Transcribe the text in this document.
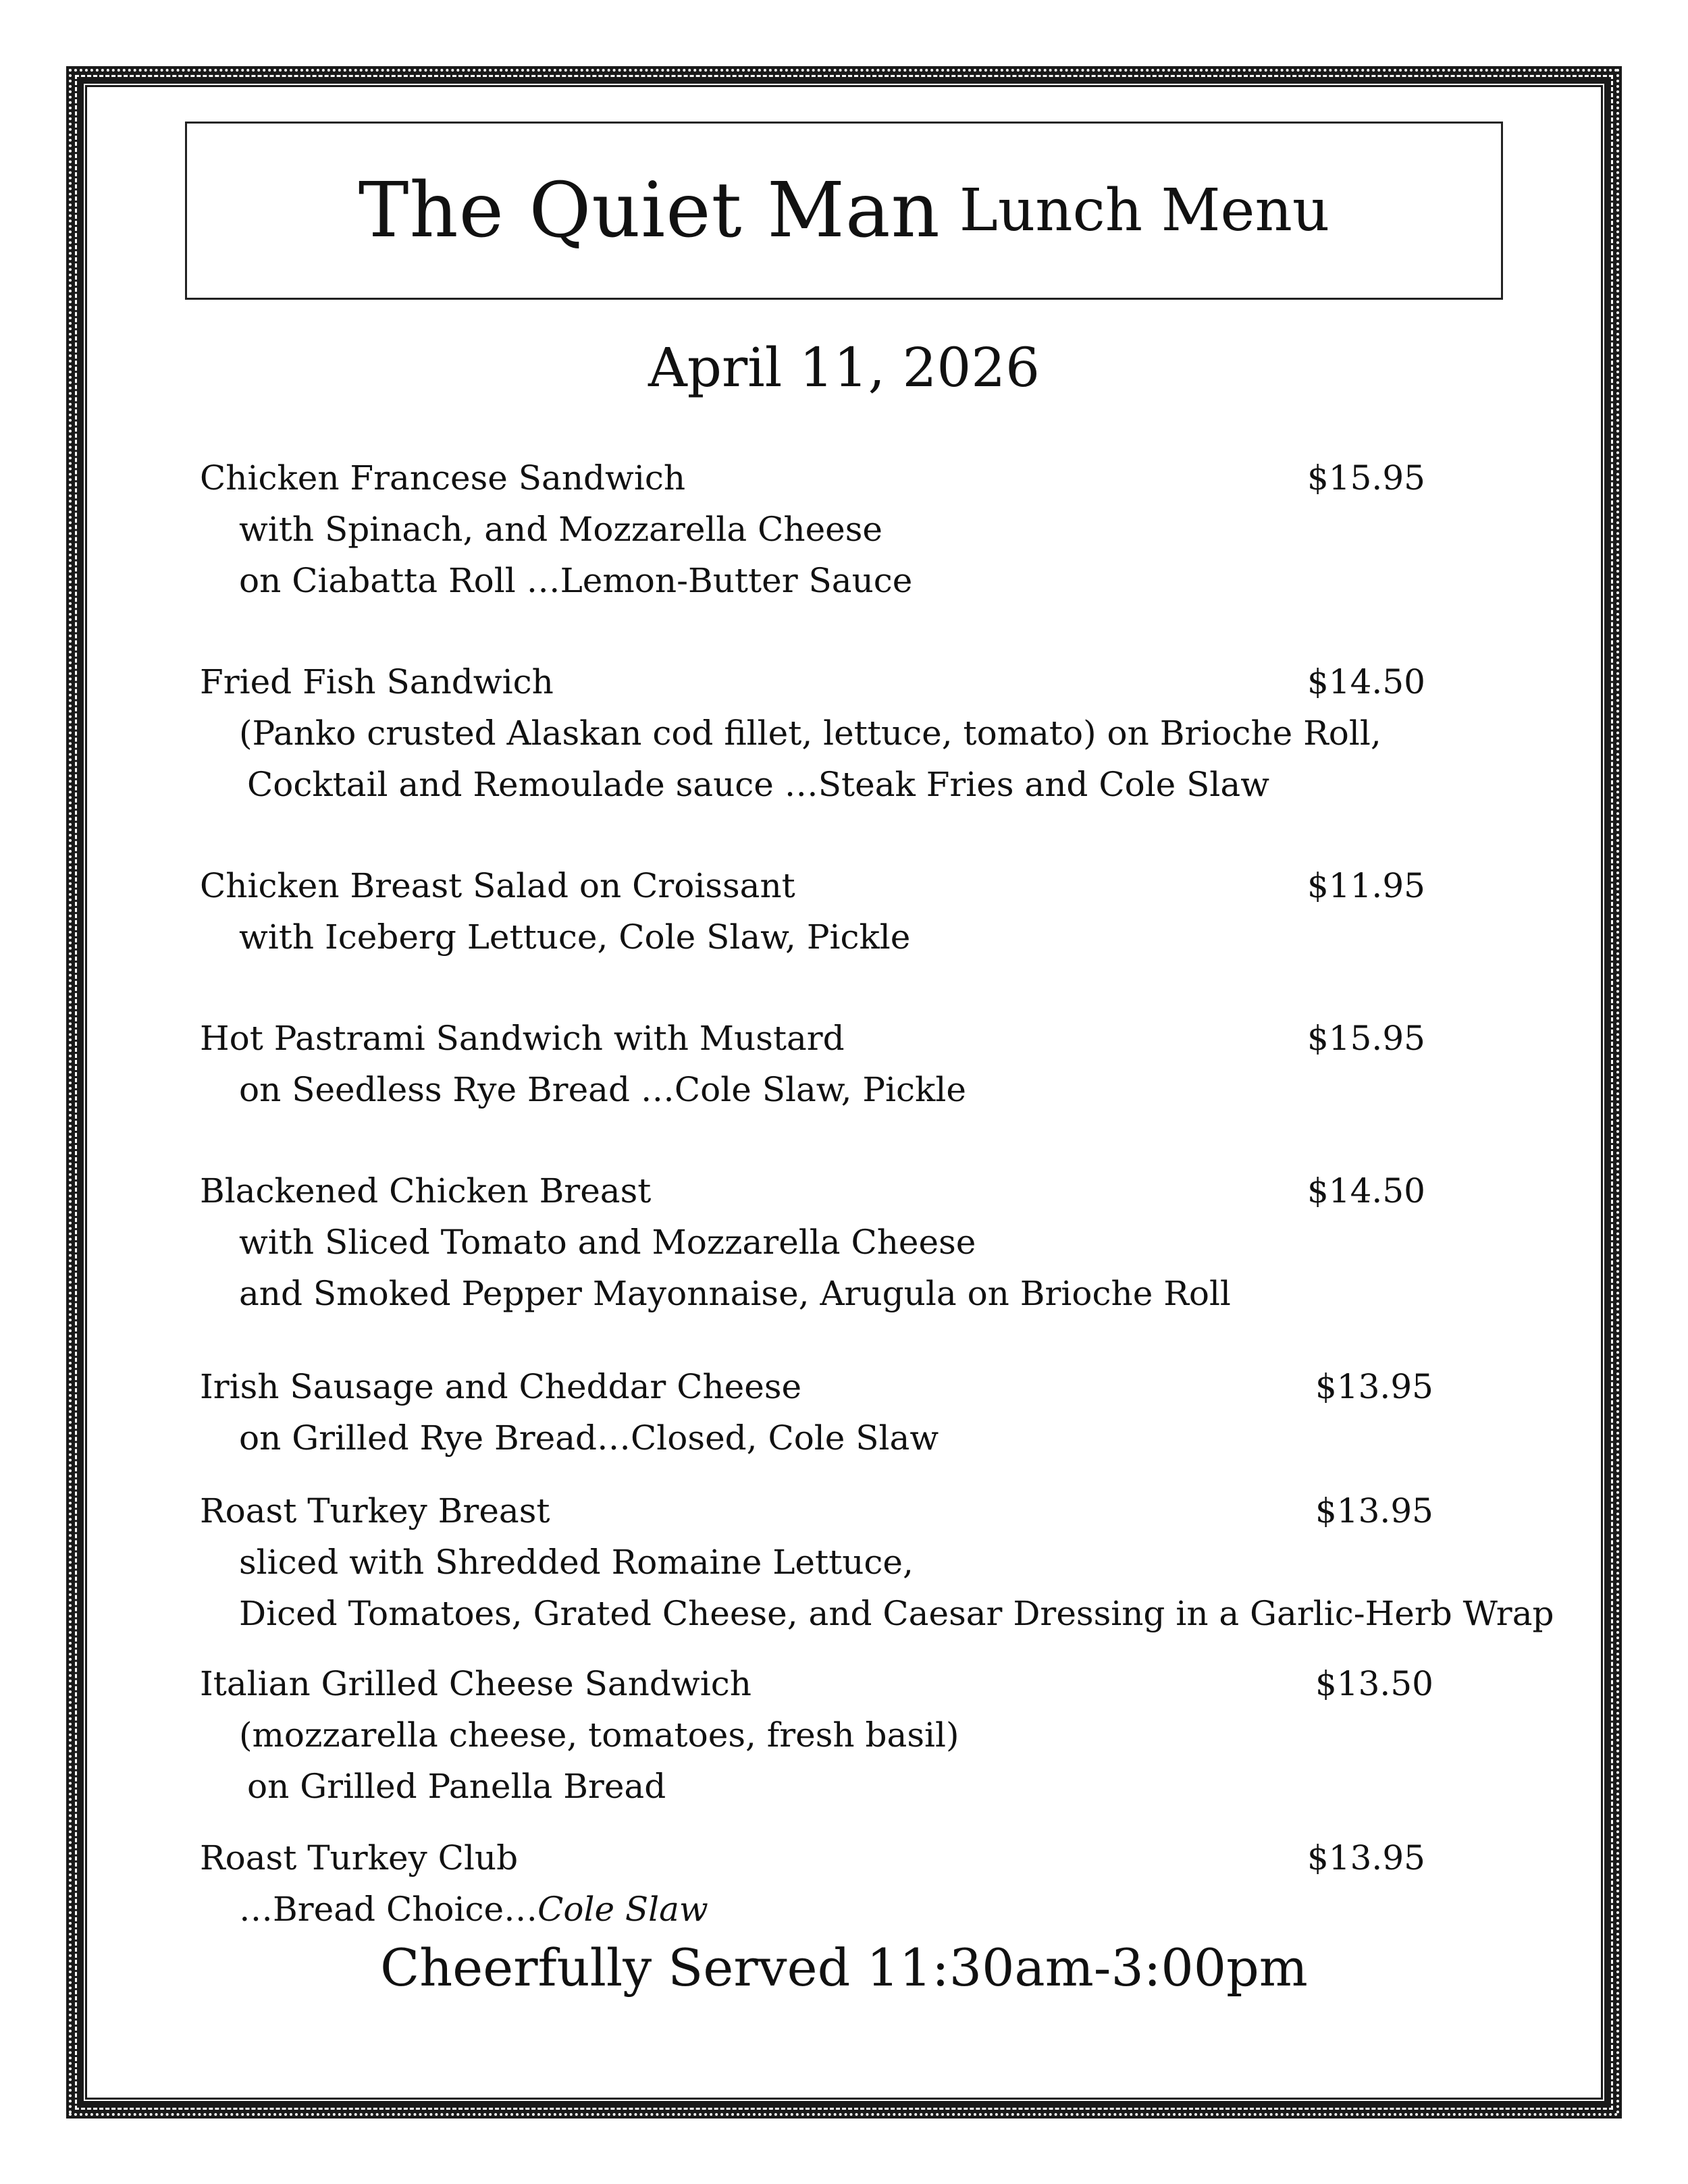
The Quiet Man Lunch Menu
April 11, 2026
Chicken Francese Sandwich
with Spinach, and Mozzarella Cheese
on Ciabatta Roll …Lemon-Butter Sauce
$15.95
Fried Fish Sandwich
(Panko crusted Alaskan cod fillet, lettuce, tomato) on Brioche Roll,
Cocktail and Remoulade sauce …Steak Fries and Cole Slaw
$14.50
Chicken Breast Salad on Croissant
with Iceberg Lettuce, Cole Slaw, Pickle
$11.95
Hot Pastrami Sandwich with Mustard
on Seedless Rye Bread …Cole Slaw, Pickle
$15.95
Blackened Chicken Breast
with Sliced Tomato and Mozzarella Cheese
and Smoked Pepper Mayonnaise, Arugula on Brioche Roll
$14.50
Irish Sausage and Cheddar Cheese
on Grilled Rye Bread…Closed, Cole Slaw
$13.95
Roast Turkey Breast
sliced with Shredded Romaine Lettuce,
Diced Tomatoes, Grated Cheese, and Caesar Dressing in a Garlic-Herb Wrap
$13.95
Italian Grilled Cheese Sandwich
(mozzarella cheese, tomatoes, fresh basil)
on Grilled Panella Bread
$13.50
Roast Turkey Club
…Bread Choice…Cole Slaw
$13.95
Cheerfully Served 11:30am-3:00pm
